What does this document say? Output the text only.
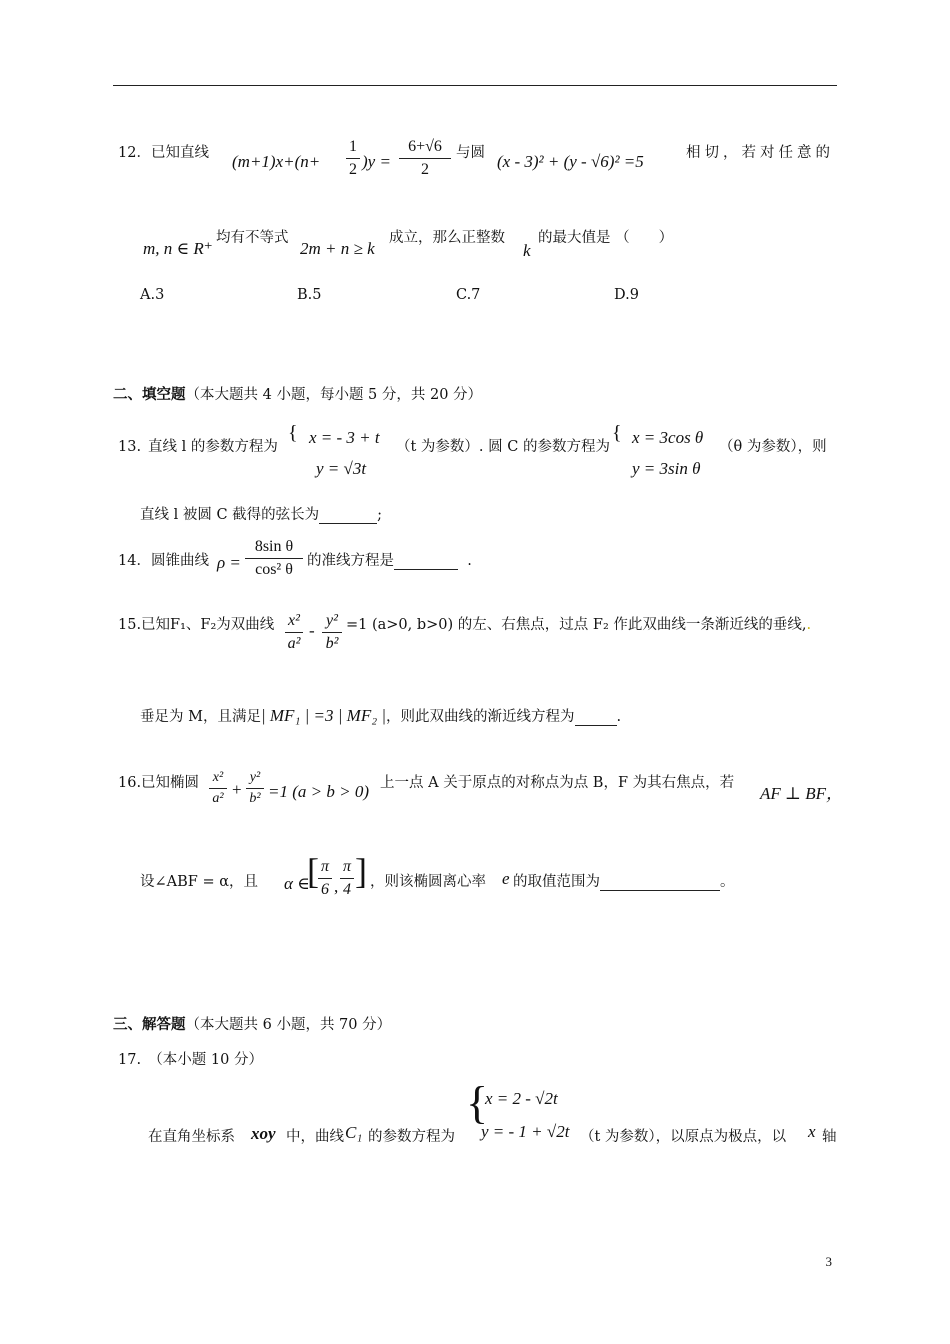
12．已知直线 (m+1)x+(n+
1
2 )y =
6+√6
2
与圆 (x - 3)² + (y - √6)² =5	相切，若对任意的
m, n ∈ R⁺
均有不等式
2m + n ≥ k
成立，那么正整数
k
的最大值是 （　　）
A.3	B.5	C.7	D.9
二、填空题（本大题共 4 小题，每小题 5 分，共 20 分）
13. 直线 l 的参数方程为
{ x = - 3 + t
y = √3t
（t 为参数）. 圆 C 的参数方程为
{ x = 3cos θ
y = 3sin θ
（θ 为参数），则
直线 l 被圆 C 截得的弦长为	;
14．圆锥曲线 ρ =
8sin θ
cos² θ 的准线方程是	.
15.已知F₁、F₂为双曲线 x²
a²
-
y²
b²
=1 (a>0, b>0) 的左、右焦点，过点 F₂ 作此双曲线一条渐近线的垂线,.
垂足为 M，且满足| MF₁ | =3 | MF₂ |，则此双曲线的渐近线方程为	.
16.已知椭圆 x²
a² +
y²
b² =1 (a > b > 0) 上一点 A 关于原点的对称点为点 B，F 为其右焦点，若
AF ⊥ BF，
设∠ABF = α，且 α ∈
[ π
6 ,
π
4 ] ，则该椭圆离心率 e 的取值范围为	。
三、解答题（本大题共 6 小题，共 70 分）
17.　（本小题 10 分）
在直角坐标系 xoy 中，曲线 C₁ 的参数方程为
{
x = 2 - √2t
y = - 1 + √2t （t 为参数），以原点为极点，以 x 轴
3
